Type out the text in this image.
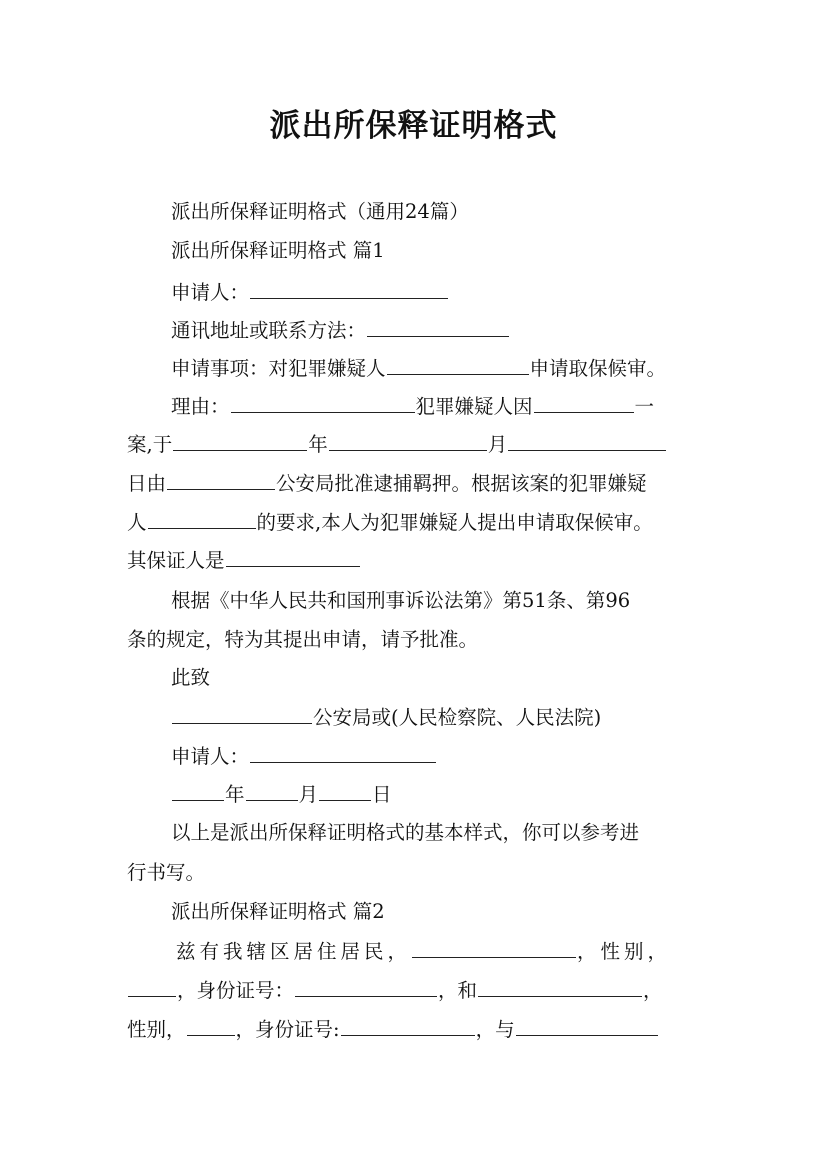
派出所保释证明格式
派出所保释证明格式（通用24篇）
派出所保释证明格式 篇1
申请人：
通讯地址或联系方法：
申请事项：对犯罪嫌疑人	申请取保候审。
理由：	犯罪嫌疑人因	一
案,于	年	月
日由	公安局批准逮捕羁押。根据该案的犯罪嫌疑
人	的要求,本人为犯罪嫌疑人提出申请取保候审。
其保证人是
根据《中华人民共和国刑事诉讼法第》第51条、第96
条的规定，特为其提出申请，请予批准。
此致
公安局或(人民检察院、人民法院)
申请人：
年	月	日
以上是派出所保释证明格式的基本样式，你可以参考进
行书写。
派出所保释证明格式 篇2
兹有我辖区居住居民，	，性别，
，身份证号：	，和	，
性别，	，身份证号:	，与
